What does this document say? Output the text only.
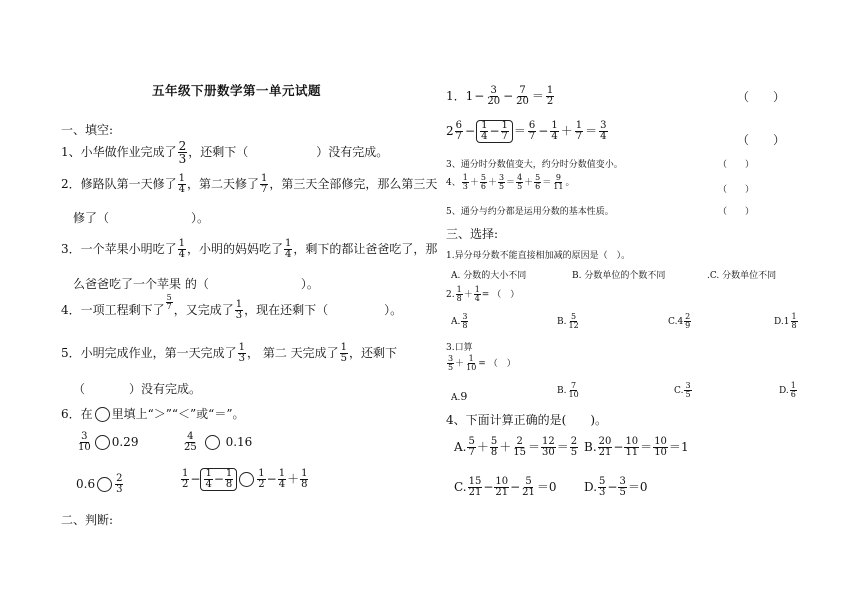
五年级下册数学第一单元试题
一、填空:
1、小华做作业完成了 $\frac{2}{3}$ ，还剩下（	）没有完成。
2．修路队第一天修了 $\frac{1}{4}$ ，第二天修了 $\frac{1}{7}$ ，第三天全部修完，那么第三天
修了（	）。
3．一个苹果小明吃了 $\frac{1}{4}$ ，小明的妈妈吃了 $\frac{1}{4}$ ，剩下的都让爸爸吃了，那
么爸爸吃了一个苹果 的（	）。
4．一项工程剩下了 $\frac{5}{7}$ ，又完成了 $\frac{1}{3}$ ，现在还剩下（	）。
5．小明完成作业，第一天完成了 $\frac{1}{3}$ ， 第二 天完成了 $\frac{1}{5}$ ，还剩下
（	）没有完成。
6．在 里填上“＞”“＜”或“＝”。
$\frac{3}{10} 0.29$	$\frac{4}{25} 0.16$
$0.6 \frac{2}{3}$	$\frac{1}{2} - \frac{1}{4} - \frac{1}{8} \frac{1}{2} - \frac{1}{4} + \frac{1}{8}$
二、判断:
1．$1- \frac{3}{20} - \frac{7}{20} = \frac{1}{2}$	（　　）
$2 \frac{6}{7} - \frac{1}{4} - \frac{1}{7} = \frac{6}{7} - \frac{1}{4} + \frac{1}{7} = \frac{3}{4}$	（　　）
3、通分时分数值变大，约分时分数值变小。	（　　）
4、 $\frac{1}{3} + \frac{5}{6} + \frac{3}{5} = \frac{4}{5} + \frac{5}{6} = \frac{9}{11}$ 。
（　　）
5、通分与约分都是运用分数的基本性质。	（　　）
三、选择:
1.异分母分数不能直接相加减的原因是（　）。
A. 分数的大小不同	B. 分数单位的个数不同	.C. 分数单位不同
2. $\frac{1}{8} + \frac{1}{4}$ = （　）
A. $\frac{3}{8}$	B. $\frac{5}{12}$	$C.4 \frac{2}{9}$	$D.1 \frac{1}{8}$
3.口算
$\frac{3}{5} + \frac{1}{10}$ = （　）
A.9	B. $\frac{7}{10}$	C. $\frac{3}{5}$	D. $\frac{1}{6}$
4、下面计算正确的是(　　)。
A. $\frac{5}{7} + \frac{5}{8} + \frac{2}{15} = \frac{12}{30} = \frac{2}{5} B$. $\frac{20}{21} - \frac{10}{11} = \frac{10}{10} =1$
C. $\frac{15}{21} - \frac{10}{21} - \frac{5}{21} =0$ D. $\frac{5}{3} - \frac{3}{5} =0$
